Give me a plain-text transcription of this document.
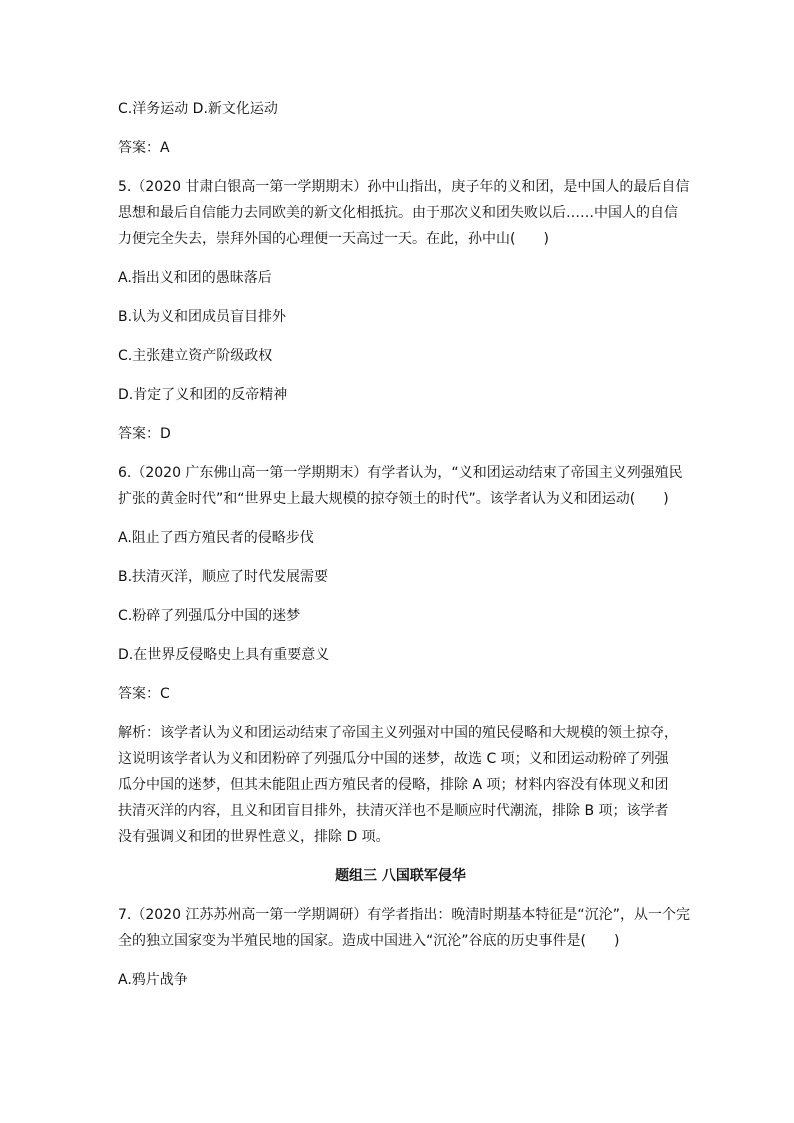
C.洋务运动 D.新文化运动

答案：A

5.（2020 甘肃白银高一第一学期期末）孙中山指出，庚子年的义和团，是中国人的最后自信

思想和最后自信能力去同欧美的新文化相抵抗。由于那次义和团失败以后……中国人的自信

力便完全失去，崇拜外国的心理便一天高过一天。在此，孙中山(　　)

A.指出义和团的愚昧落后

B.认为义和团成员盲目排外

C.主张建立资产阶级政权

D.肯定了义和团的反帝精神

答案：D

6.（2020 广东佛山高一第一学期期末）有学者认为，“义和团运动结束了帝国主义列强殖民

扩张的黄金时代”和“世界史上最大规模的掠夺领土的时代”。该学者认为义和团运动(　　)

A.阻止了西方殖民者的侵略步伐

B.扶清灭洋，顺应了时代发展需要

C.粉碎了列强瓜分中国的迷梦

D.在世界反侵略史上具有重要意义

答案：C

解析：该学者认为义和团运动结束了帝国主义列强对中国的殖民侵略和大规模的领土掠夺，

这说明该学者认为义和团粉碎了列强瓜分中国的迷梦，故选 C 项；义和团运动粉碎了列强

瓜分中国的迷梦，但其未能阻止西方殖民者的侵略，排除 A 项；材料内容没有体现义和团

扶清灭洋的内容，且义和团盲目排外，扶清灭洋也不是顺应时代潮流，排除 B 项；该学者

没有强调义和团的世界性意义，排除 D 项。

题组三 八国联军侵华

7.（2020 江苏苏州高一第一学期调研）有学者指出：晚清时期基本特征是“沉沦”，从一个完

全的独立国家变为半殖民地的国家。造成中国进入“沉沦”谷底的历史事件是(　　)

A.鸦片战争
